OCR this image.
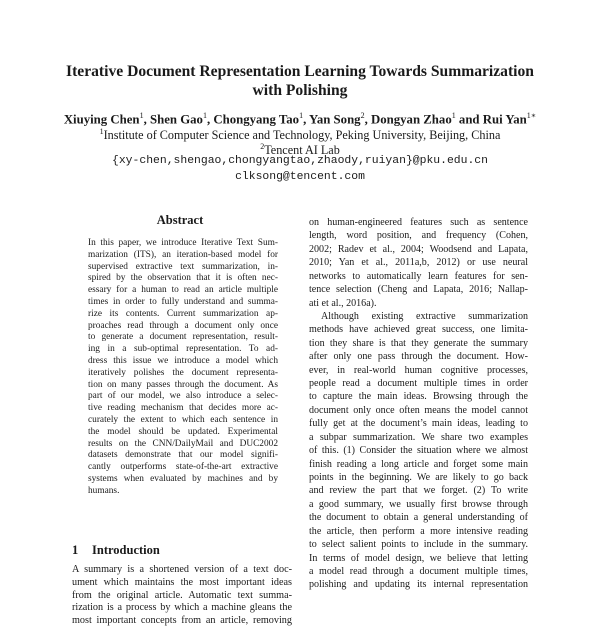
Iterative Document Representation Learning Towards Summarization
with Polishing
Xiuying Chen$^1$, Shen Gao$^1$, Chongyang Tao$^1$, Yan Song$^2$, Dongyan Zhao$^1$ and Rui Yan$^{1∗}$
$^1$Institute of Computer Science and Technology, Peking University, Beijing, China
$^2$Tencent AI Lab
{xy-chen,shengao,chongyangtao,zhaody,ruiyan}@pku.edu.cn
clksong@tencent.com
Abstract
In this paper, we introduce Iterative Text Sum-
marization (ITS), an iteration-based model for
supervised extractive text summarization, in-
spired by the observation that it is often nec-
essary for a human to read an article multiple
times in order to fully understand and summa-
rize its contents. Current summarization ap-
proaches read through a document only once
to generate a document representation, result-
ing in a sub-optimal representation. To ad-
dress this issue we introduce a model which
iteratively polishes the document representa-
tion on many passes through the document. As
part of our model, we also introduce a selec-
tive reading mechanism that decides more ac-
curately the extent to which each sentence in
the model should be updated. Experimental
results on the CNN/DailyMail and DUC2002
datasets demonstrate that our model signifi-
cantly outperforms state-of-the-art extractive
systems when evaluated by machines and by
humans.
1 Introduction
A summary is a shortened version of a text doc-
ument which maintains the most important ideas
from the original article. Automatic text summa-
rization is a process by which a machine gleans the
most important concepts from an article, removing
on human-engineered features such as sentence
length, word position, and frequency (Cohen,
2002; Radev et al., 2004; Woodsend and Lapata,
2010; Yan et al., 2011a,b, 2012) or use neural
networks to automatically learn features for sen-
tence selection (Cheng and Lapata, 2016; Nallap-
ati et al., 2016a).
Although existing extractive summarization
methods have achieved great success, one limita-
tion they share is that they generate the summary
after only one pass through the document. How-
ever, in real-world human cognitive processes,
people read a document multiple times in order
to capture the main ideas. Browsing through the
document only once often means the model cannot
fully get at the document’s main ideas, leading to
a subpar summarization. We share two examples
of this. (1) Consider the situation where we almost
finish reading a long article and forget some main
points in the beginning. We are likely to go back
and review the part that we forget. (2) To write
a good summary, we usually first browse through
the document to obtain a general understanding of
the article, then perform a more intensive reading
to select salient points to include in the summary.
In terms of model design, we believe that letting
a model read through a document multiple times,
polishing and updating its internal representation
